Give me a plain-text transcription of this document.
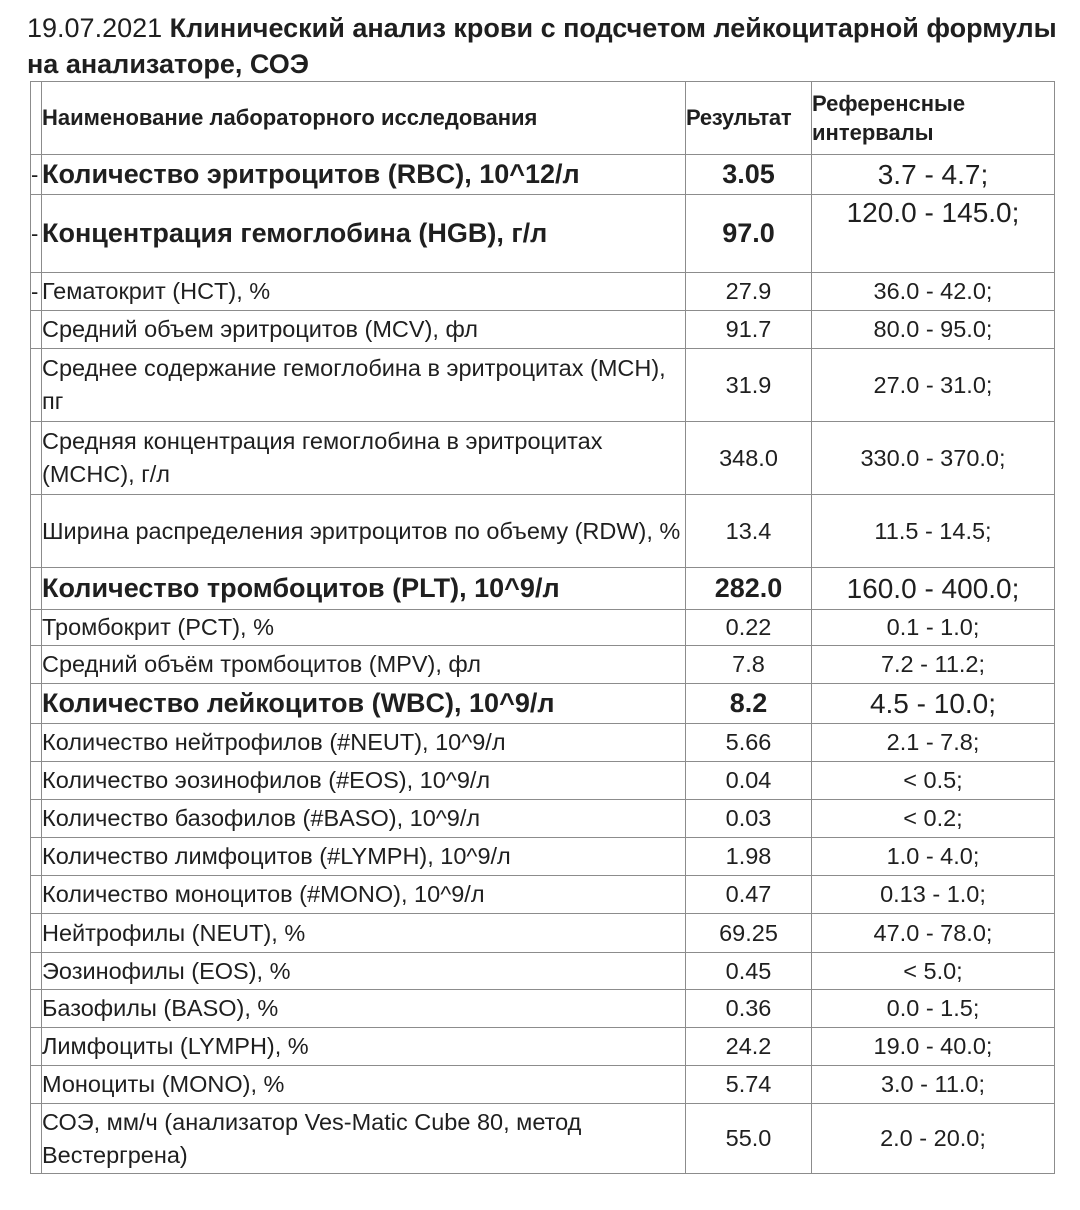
19.07.2021 Клинический анализ крови с подсчетом лейкоцитарной формулы на анализаторе, СОЭ
	Наименование лабораторного исследования	Результат	Референсные интервалы
-	Количество эритроцитов (RBC), 10^12/л	3.05	3.7 - 4.7;
-	Концентрация гемоглобина (HGB), г/л	97.0	120.0 - 145.0;
-	Гематокрит (HCT), %	27.9	36.0 - 42.0;
	Средний объем эритроцитов (MCV), фл	91.7	80.0 - 95.0;
	Среднее содержание гемоглобина в эритроцитах (MCH), пг	31.9	27.0 - 31.0;
	Средняя концентрация гемоглобина в эритроцитах (MCHC), г/л	348.0	330.0 - 370.0;
	Ширина распределения эритроцитов по объему (RDW), %	13.4	11.5 - 14.5;
	Количество тромбоцитов (PLT), 10^9/л	282.0	160.0 - 400.0;
	Тромбокрит (PCT), %	0.22	0.1 - 1.0;
	Средний объём тромбоцитов (MPV), фл	7.8	7.2 - 11.2;
	Количество лейкоцитов (WBC), 10^9/л	8.2	4.5 - 10.0;
	Количество нейтрофилов (#NEUT), 10^9/л	5.66	2.1 - 7.8;
	Количество эозинофилов (#EOS), 10^9/л	0.04	< 0.5;
	Количество базофилов (#BASO), 10^9/л	0.03	< 0.2;
	Количество лимфоцитов (#LYMPH), 10^9/л	1.98	1.0 - 4.0;
	Количество моноцитов (#MONO), 10^9/л	0.47	0.13 - 1.0;
	Нейтрофилы (NEUT), %	69.25	47.0 - 78.0;
	Эозинофилы (EOS), %	0.45	< 5.0;
	Базофилы (BASO), %	0.36	0.0 - 1.5;
	Лимфоциты (LYMPH), %	24.2	19.0 - 40.0;
	Моноциты (MONO), %	5.74	3.0 - 11.0;
	СОЭ, мм/ч (анализатор Ves-Matic Cube 80, метод Вестергрена)	55.0	2.0 - 20.0;
